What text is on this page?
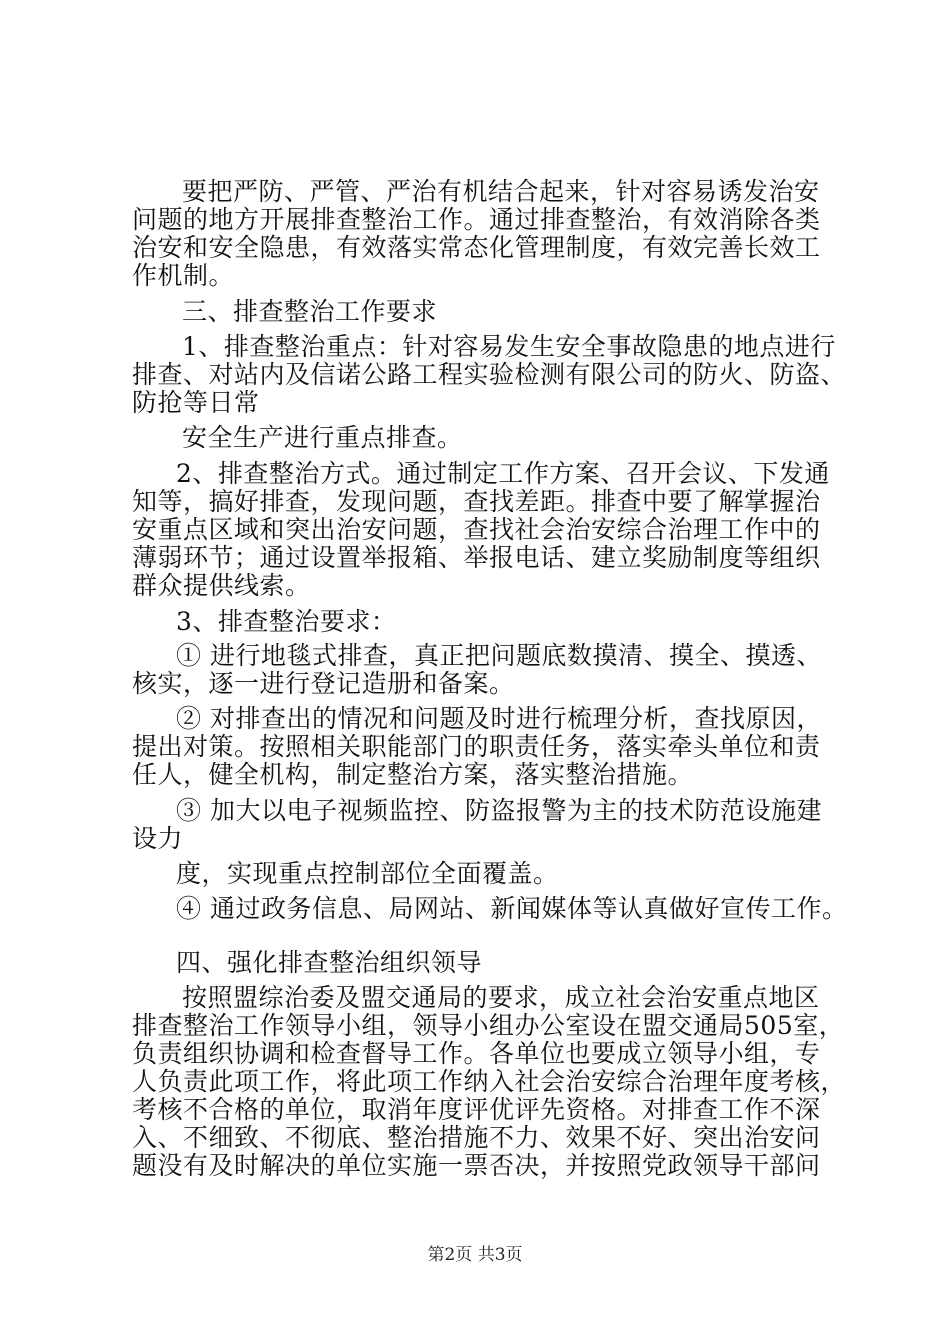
要把严防、严管、严治有机结合起来，针对容易诱发治安
问题的地方开展排查整治工作。通过排查整治，有效消除各类
治安和安全隐患，有效落实常态化管理制度，有效完善长效工
作机制。
三、排查整治工作要求
1、排查整治重点：针对容易发生安全事故隐患的地点进行
排查、对站内及信诺公路工程实验检测有限公司的防火、防盗、
防抢等日常
安全生产进行重点排查。
2、排查整治方式。通过制定工作方案、召开会议、下发通
知等，搞好排查，发现问题，查找差距。排查中要了解掌握治
安重点区域和突出治安问题，查找社会治安综合治理工作中的
薄弱环节；通过设置举报箱、举报电话、建立奖励制度等组织
群众提供线索。
3、排查整治要求：
① 进行地毯式排查，真正把问题底数摸清、摸全、摸透、
核实，逐一进行登记造册和备案。
② 对排查出的情况和问题及时进行梳理分析，查找原因，
提出对策。按照相关职能部门的职责任务，落实牵头单位和责
任人，健全机构，制定整治方案，落实整治措施。
③ 加大以电子视频监控、防盗报警为主的技术防范设施建
设力
度，实现重点控制部位全面覆盖。
④ 通过政务信息、局网站、新闻媒体等认真做好宣传工作。
四、强化排查整治组织领导
按照盟综治委及盟交通局的要求，成立社会治安重点地区
排查整治工作领导小组，领导小组办公室设在盟交通局505室，
负责组织协调和检查督导工作。各单位也要成立领导小组，专
人负责此项工作，将此项工作纳入社会治安综合治理年度考核，
考核不合格的单位，取消年度评优评先资格。对排查工作不深
入、不细致、不彻底、整治措施不力、效果不好、突出治安问
题没有及时解决的单位实施一票否决，并按照党政领导干部问
第2页 共3页
